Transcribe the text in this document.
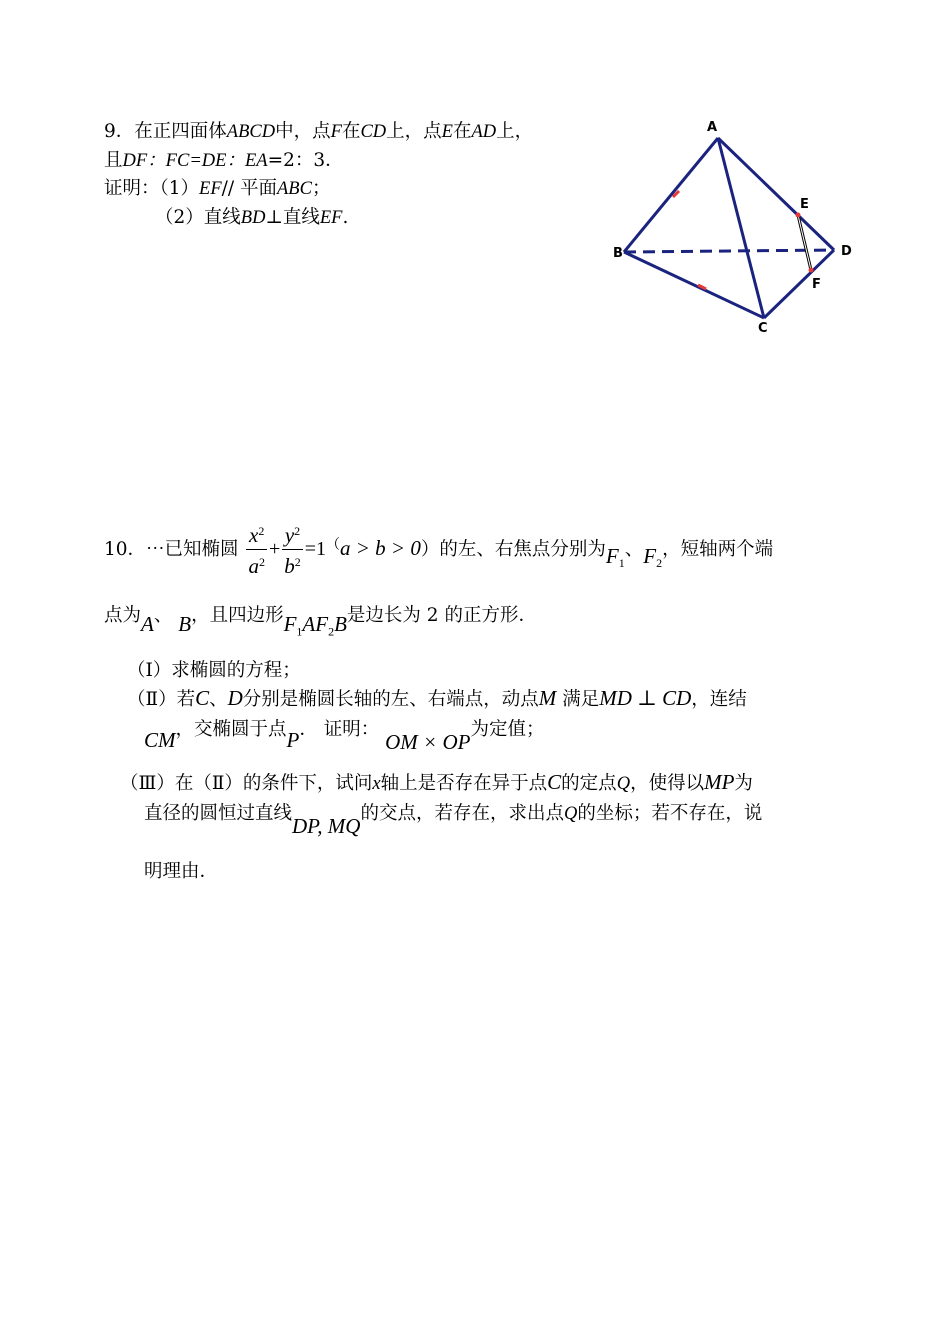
9．在正四面体ABCD中，点F在CD上，点E在AD上，
且DF：FC=DE：EA=2：3．
证明：（1）EF// 平面ABC；
（2）直线BD⊥直线EF.
A
B
C
D
E
F
10．⋯已知椭圆 $\frac{x^2}{a^2} + \frac{y^2}{b^2} =1^(a > b > 0$）的左、右焦点分别为$F_1$、$F_2$，短轴两个端
点为A、 B，且四边形$F_1AF_2B$是边长为 2 的正方形．
（Ⅰ）求椭圆的方程；
（Ⅱ）若C、D分别是椭圆长轴的左、右端点，动点M 满足MD ⊥ CD，连结
CM，交椭圆于点P． 证明： OM × OP为定值；
（Ⅲ）在（Ⅱ）的条件下，试问x轴上是否存在异于点C的定点Q，使得以MP为
直径的圆恒过直线DP, MQ的交点，若存在，求出点Q的坐标；若不存在，说
明理由．
